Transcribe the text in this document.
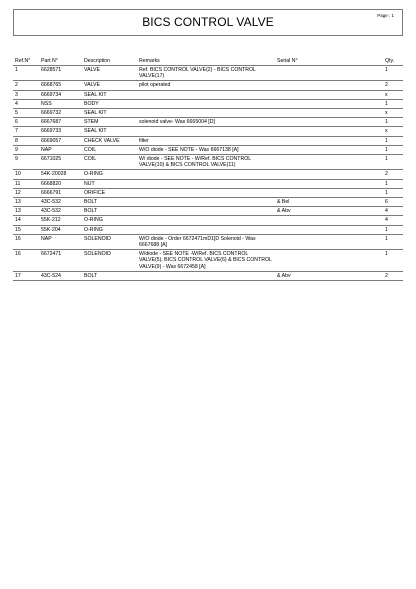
BICS CONTROL VALVE	Page : 1
Ref.N°	Part N°	Description	Remarks	Serial N°	Qty.
1	6628571	VALVE	Ref. BICS CONTROL VALVE(2) - BICS CONTROL VALVE(17)		1
2	6668765	VALVE	pilot operated		2
3	6669734	SEAL KIT			x
4	NSS	BODY			1
5	6669732	SEAL KIT			x
6	6667687	STEM	solenoid valve- Was 6665004 [D]		1
7	6669733	SEAL KIT			x
8	6669057	CHECK VALVE	filter		1
9	NAP	COIL	W/O diode - SEE NOTE - Was 6667138 [A]		1
9	6671025	COIL	W/ diode - SEE NOTE - W/Ref. BICS CONTROL VALVE(10) & BICS CONTROL VALVE(11)		1
10	54K-20028	O-RING			2
11	6668820	NUT			1
12	6666791	ORIFICE			1
13	43C-532	BOLT		& Bel	6
13	43C-532	BOLT		& Abv	4
14	55K-212	O-RING			4
15	55K-204	O-RING			1
16	NAP	SOLENOID	W/O diode - Order 6672471mD1[D Solenoid - Was 6667688 [A]		1
16	6672471	SOLENOID	W/diode - SEE NOTE -W/Ref. BICS CONTROL VALVE(5), BICS CONTROL VALVE(6) & BICS CONTROL VALVE(9) - Was 6672458 [A]		1
17	43C-524	BOLT		& Abv	2
